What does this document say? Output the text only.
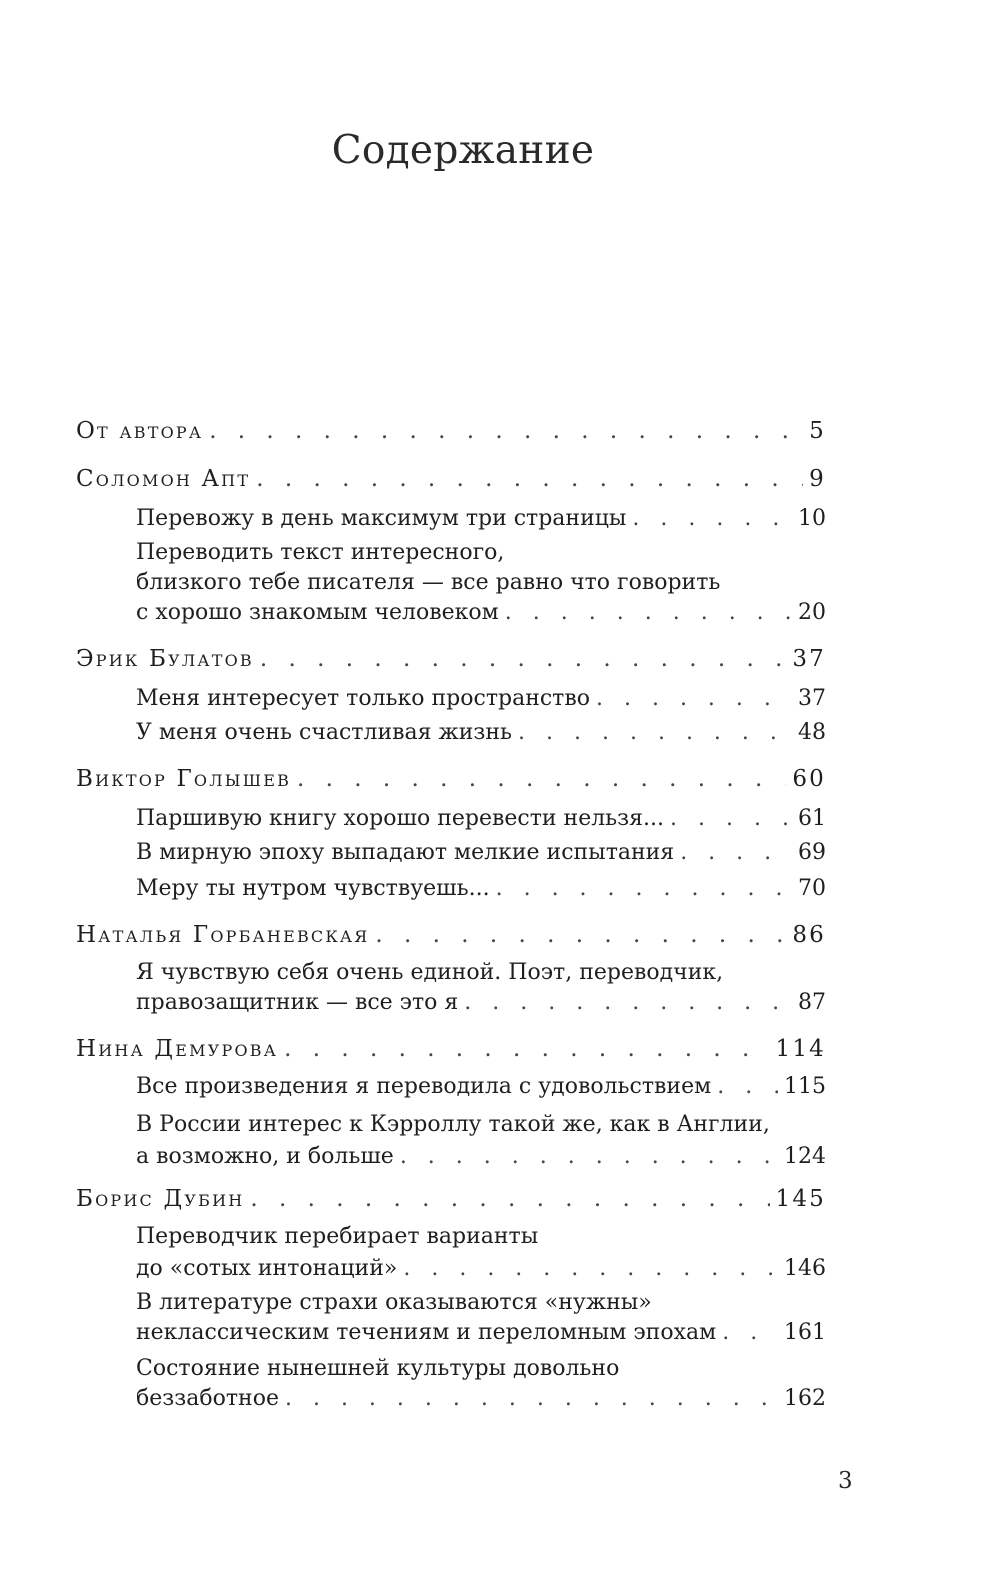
Содержание
От автора . . .	5
Соломон Апт . . .	9
Перевожу в день максимум три страницы . . .	10
Переводить текст интересного,
близкого тебе писателя — все равно что говорить
с хорошо знакомым человеком . . .	20
Эрик Булатов . . .	37
Меня интересует только пространство . . .	37
У меня очень счастливая жизнь . . .	48
Виктор Голышев . . .	60
Паршивую книгу хорошо перевести нельзя... . . .	61
В мирную эпоху выпадают мелкие испытания . . .	69
Меру ты нутром чувствуешь... . . .	70
Наталья Горбаневская . . .	86
Я чувствую себя очень единой. Поэт, переводчик,
правозащитник — все это я . . .	87
Нина Демурова . . .	114
Все произведения я переводила с удовольствием . . .	115
В России интерес к Кэрроллу такой же, как в Англии,
а возможно, и больше . . .	124
Борис Дубин . . .	145
Переводчик перебирает варианты
до «сотых интонаций» . . .	146
В литературе страхи оказываются «нужны»
неклассическим течениям и переломным эпохам . . .	161
Состояние нынешней культуры довольно
беззаботное . . .	162
3
